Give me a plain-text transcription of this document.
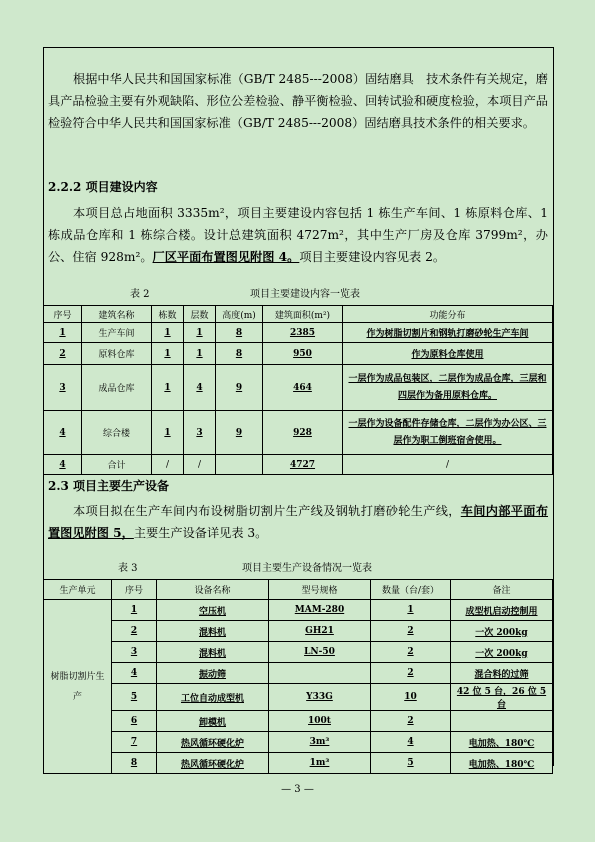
根据中华人民共和国国家标准（GB/T 2485---2008）固结磨具　技术条件有关规定，磨具产品检验主要有外观缺陷、形位公差检验、静平衡检验、回转试验和硬度检验，本项目产品检验符合中华人民共和国国家标准（GB/T 2485---2008）固结磨具技术条件的相关要求。

2.2.2 项目建设内容

本项目总占地面积 3335m²，项目主要建设内容包括 1 栋生产车间、1 栋原料仓库、1 栋成品仓库和 1 栋综合楼。设计总建筑面积 4727m²，其中生产厂房及仓库 3799m²，办公、住宿 928m²。厂区平面布置图见附图 4。项目主要建设内容见表 2。

表 2	项目主要建设内容一览表
序号	建筑名称	栋数	层数	高度(m)	建筑面积(m²)	功能分布
1	生产车间	1	1	8	2385	作为树脂切割片和钢轨打磨砂轮生产车间
2	原料仓库	1	1	8	950	作为原料仓库使用
3	成品仓库	1	4	9	464	一层作为成品包装区，二层作为成品仓库，三层和四层作为备用原料仓库。
4	综合楼	1	3	9	928	一层作为设备配件存储仓库，二层作为办公区、三层作为职工倒班宿舍使用。
4	合计	/	/		4727	/
2.3 项目主要生产设备

本项目拟在生产车间内布设树脂切割片生产线及钢轨打磨砂轮生产线，车间内部平面布置图见附图 5，主要生产设备详见表 3。

表 3	项目主要生产设备情况一览表
生产单元	序号	设备名称	型号规格	数量（台/套）	备注
树脂切割片生产	1	空压机	MAM-280	1	成型机启动控制用
	2	混料机	GH21	2	一次 200kg
	3	混料机	LN-50	2	一次 200kg
	4	振动筛		2	混合料的过筛
	5	工位自动成型机	Y33G	10	42 位 5 台，26 位 5 台
	6	卸模机	100t	2	
	7	热风循环硬化炉	3m³	4	电加热、180℃
	8	热风循环硬化炉	1m³	5	电加热、180℃
— 3 —
